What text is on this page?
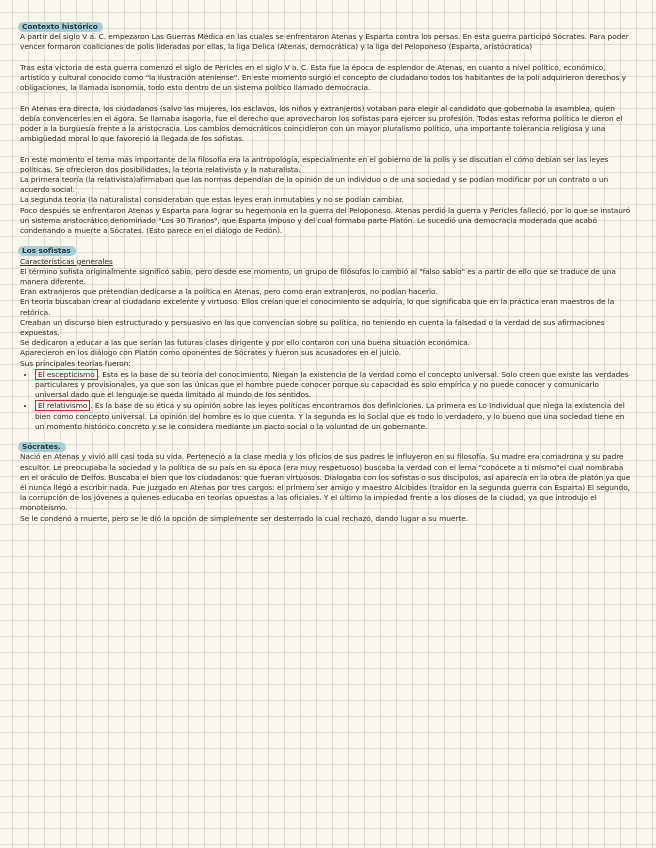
Contexto histórico

A partir del siglo V a. C. empezaron Las Guerras Médica en las cuales se enfrentaron Atenas y Esparta contra los persas. En esta guerra participó Sócrates. Para poder vencer formaron coaliciones de polis lideradas por ellas, la liga Delica (Atenas, democrática) y la liga del Peloponeso (Esparta, aristócratica)

Tras esta victoria de esta guerra comenzó el siglo de Pericles en el siglo V a. C. Esta fue la época de esplendor de Atenas, en cuanto a nivel político, económico, artístico y cultural conocido como "la ilustración ateniense". En este momento surgió el concepto de ciudadano todos los habitantes de la poli adquirieron derechos y obligaciones, la llamada isonomía, todo esto dentro de un sistema político llamado democracia.

En Atenas era directa, los ciudadanos (salvo las mujeres, los esclavos, los niños y extranjeros) votaban para elegir al candidato que gobernaba la asamblea, quien debía convencerles en el ágora. Se llamaba isagoria, fue el derecho que aprovecharon los sofistas para ejercer su profesión. Todas estas reforma política le dieron el poder a la burguesía frente a la aristocracia. Los cambios democráticos coincidieron con un mayor pluralismo político, una importante tolerancia religiosa y una ambigüedad moral lo que favoreció la llegada de los sofistas.

En este momento el tema más importante de la filosofía era la antropología, especialmente en el gobierno de la polis y se discutían el cómo debían ser las leyes políticas. Se ofrecieron dos posibilidades, la teoría relativista y la naturalista.

La primera teoría (la relativista)afirmaban que las normas dependían de la opinión de un individuo o de una sociedad y se podían modificar por un contrato o un acuerdo social.

La segunda teoría (la naturalista) consideraban que estas leyes eran inmutables y no se podían cambiar.

Poco después se enfrentaron Atenas y Esparta para lograr su hegemonía en la guerra del Peloponeso. Atenas perdió la guerra y Pericles falleció, por lo que se instauró un sistema aristocrático denominado "Los 30 Tiranos", que Esparta impuso y del cual formaba parte Platón. Le sucedió una democracia moderada que acabó condenando a muerte a Sócrates. (Esto parece en el diálogo de Fedón).

Los sofistas
Características generales

El término sofista originalmente significó sabio, pero desde ese momento, un grupo de filósofos lo cambió al "falso sabio" es a partir de ello que se traduce de una manera diferente.

Eran extranjeros que pretendían dedicarse a la política en Atenas, pero como eran extranjeros, no podían hacerlo.

En teoría buscaban crear al ciudadano excelente y virtuoso. Ellos creían que el conocimiento se adquiría, lo que significaba que en la práctica eran maestros de la retórica.

Creaban un discurso bien estructurado y persuasivo en las que convencían sobre su política, no teniendo en cuenta la falsedad o la verdad de sus afirmaciones expuestas.

Se dedicaron a educar a las que serían las futuras clases dirigente y por ello contaron con una buena situación económica.

Aparecieron en los diálogo con Platón como oponentes de Sócrates y fueron sus acusadores en el juicio.

Sus principales teorías fueron:

• El escepticismo . Esta es la base de su teoría del conocimiento. Niegan la existencia de la verdad como el concepto universal. Solo creen que existe las verdades particulares y provisionales, ya que son las únicas que el hombre puede conocer porque su capacidad es solo empírica y no puede conocer y comunicarlo universal dado que el lenguaje se queda limitado al mundo de los sentidos.
• El relativismo . Es la base de su ética y su opinión sobre las leyes políticas encontramos dos definiciones. La primera es Lo Individual que niega la existencia del bien como concepto universal. La opinión del hombre es lo que cuenta. Y la segunda es lo Social que es todo lo verdadero, y lo bueno que una sociedad tiene en un momento histórico concreto y se le considera mediante un pacto social o la voluntad de un gobernante.
Sócrates.

Nació en Atenas y vivió allí casi toda su vida. Perteneció a la clase media y los oficios de sus padres le influyeron en su filosofía. Su madre era comadrona y su padre escultor. Le preocupaba la sociedad y la política de su país en su época (era muy respetuoso) buscaba la verdad con el lema "conócete a ti mismo"el cual nombraba en el oráculo de Delfos. Buscaba el bien que los ciudadanos: que fueran virtuosos. Dialogaba con los sofistas o sus discípulos, así aparecía en la obra de platón ya que él nunca llegó a escribir nada. Fue juzgado en Atenas por tres cargos: el primero ser amigo y maestro Alcibides (traidor en la segunda guerra con Esparta) El segundo, la corrupción de los jóvenes a quienes educaba en teorías opuestas a las oficiales. Y el último la impiedad frente a los dioses de la ciudad, ya que introdujo el monoteísmo.

Se le condenó a muerte, pero se le dió la opción de simplemente ser desterrado la cual rechazó, dando lugar a su muerte.
